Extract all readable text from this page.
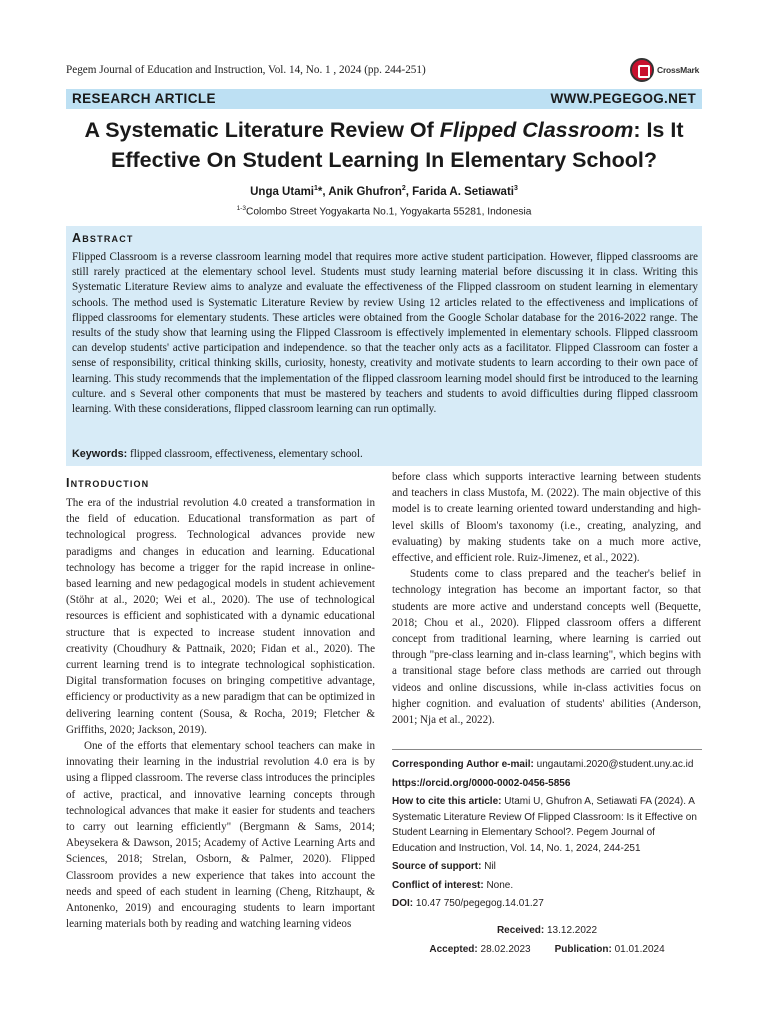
Pegem Journal of Education and Instruction, Vol. 14, No. 1 , 2024 (pp. 244-251)	CrossMark
RESEARCH ARTICLE	WWW.PEGEGOG.NET
A Systematic Literature Review Of Flipped Classroom: Is It Effective On Student Learning In Elementary School?
Unga Utami$^1$*, Anik Ghufron$^2$, Farida A. Setiawati$^3$
$^{1-3}$Colombo Street Yogyakarta No.1, Yogyakarta 55281, Indonesia
Abstract
Flipped Classroom is a reverse classroom learning model that requires more active student participation. However, flipped classrooms are still rarely practiced at the elementary school level. Students must study learning material before discussing it in class. Writing this Systematic Literature Review aims to analyze and evaluate the effectiveness of the Flipped classroom on student learning in elementary schools. The method used is Systematic Literature Review by review Using 12 articles related to the effectiveness and implications of flipped classrooms for elementary students. These articles were obtained from the Google Scholar database for the 2016-2022 range. The results of the study show that learning using the Flipped Classroom is effectively implemented in elementary schools. Flipped classroom can develop students' active participation and independence. so that the teacher only acts as a facilitator. Flipped Classroom can foster a sense of responsibility, critical thinking skills, curiosity, honesty, creativity and motivate students to learn according to their own pace of learning. This study recommends that the implementation of the flipped classroom learning model should first be introduced to the learning culture. and s Several other components that must be mastered by teachers and students to avoid difficulties during flipped classroom learning. With these considerations, flipped classroom learning can run optimally.
Keywords: flipped classroom, effectiveness, elementary school.
Introduction

The era of the industrial revolution 4.0 created a transformation in the field of education. Educational transformation as part of technological progress. Technological advances provide new paradigms and changes in education and learning. Educational technology has become a trigger for the rapid increase in online-based learning and new pedagogical models in student achievement (Stöhr at al., 2020; Wei et al., 2020). The use of technological resources is efficient and sophisticated with a dynamic educational structure that is expected to increase student innovation and creativity (Choudhury & Pattnaik, 2020; Fidan et al., 2020). The current learning trend is to integrate technological sophistication. Digital transformation focuses on bringing competitive advantage, efficiency or productivity as a new paradigm that can be optimized in delivering learning content (Sousa, & Rocha, 2019; Fletcher & Griffiths, 2020; Jackson, 2019).

One of the efforts that elementary school teachers can make in innovating their learning in the industrial revolution 4.0 era is by using a flipped classroom. The reverse class introduces the principles of active, practical, and innovative learning concepts through technological advances that make it easier for students and teachers to carry out learning efficiently" (Bergmann & Sams, 2014; Abeysekera & Dawson, 2015; Academy of Active Learning Arts and Sciences, 2018; Strelan, Osborn, & Palmer, 2020). Flipped Classroom provides a new experience that takes into account the needs and speed of each student in learning (Cheng, Ritzhaupt, & Antonenko, 2019) and encouraging students to learn important learning materials both by reading and watching learning videos

before class which supports interactive learning between students and teachers in class Mustofa, M. (2022). The main objective of this model is to create learning oriented toward understanding and high-level skills of Bloom's taxonomy (i.e., creating, analyzing, and evaluating) by making students take on a much more active, effective, and efficient role. Ruiz-Jimenez, et al., 2022).

Students come to class prepared and the teacher's belief in technology integration has become an important factor, so that students are more active and understand concepts well (Bequette, 2018; Chou et al., 2020). Flipped classroom offers a different concept from traditional learning, where learning is carried out through "pre-class learning and in-class learning", which begins with a transitional stage before class methods are carried out through videos and online discussions, while in-class activities focus on higher cognition. and evaluation of students' abilities (Anderson, 2001; Nja et al., 2022).

Corresponding Author e-mail: ungautami.2020@student.uny.ac.id
https://orcid.org/0000-0002-0456-5856
How to cite this article: Utami U, Ghufron A, Setiawati FA (2024). A Systematic Literature Review Of Flipped Classroom: Is it Effective on Student Learning in Elementary School?. Pegem Journal of Education and Instruction, Vol. 14, No. 1, 2024, 244-251
Source of support: Nil
Conflict of interest: None.
DOI: 10.47 750/pegegog.14.01.27
Received: 13.12.2022
Accepted: 28.02.2023 Publication: 01.01.2024
